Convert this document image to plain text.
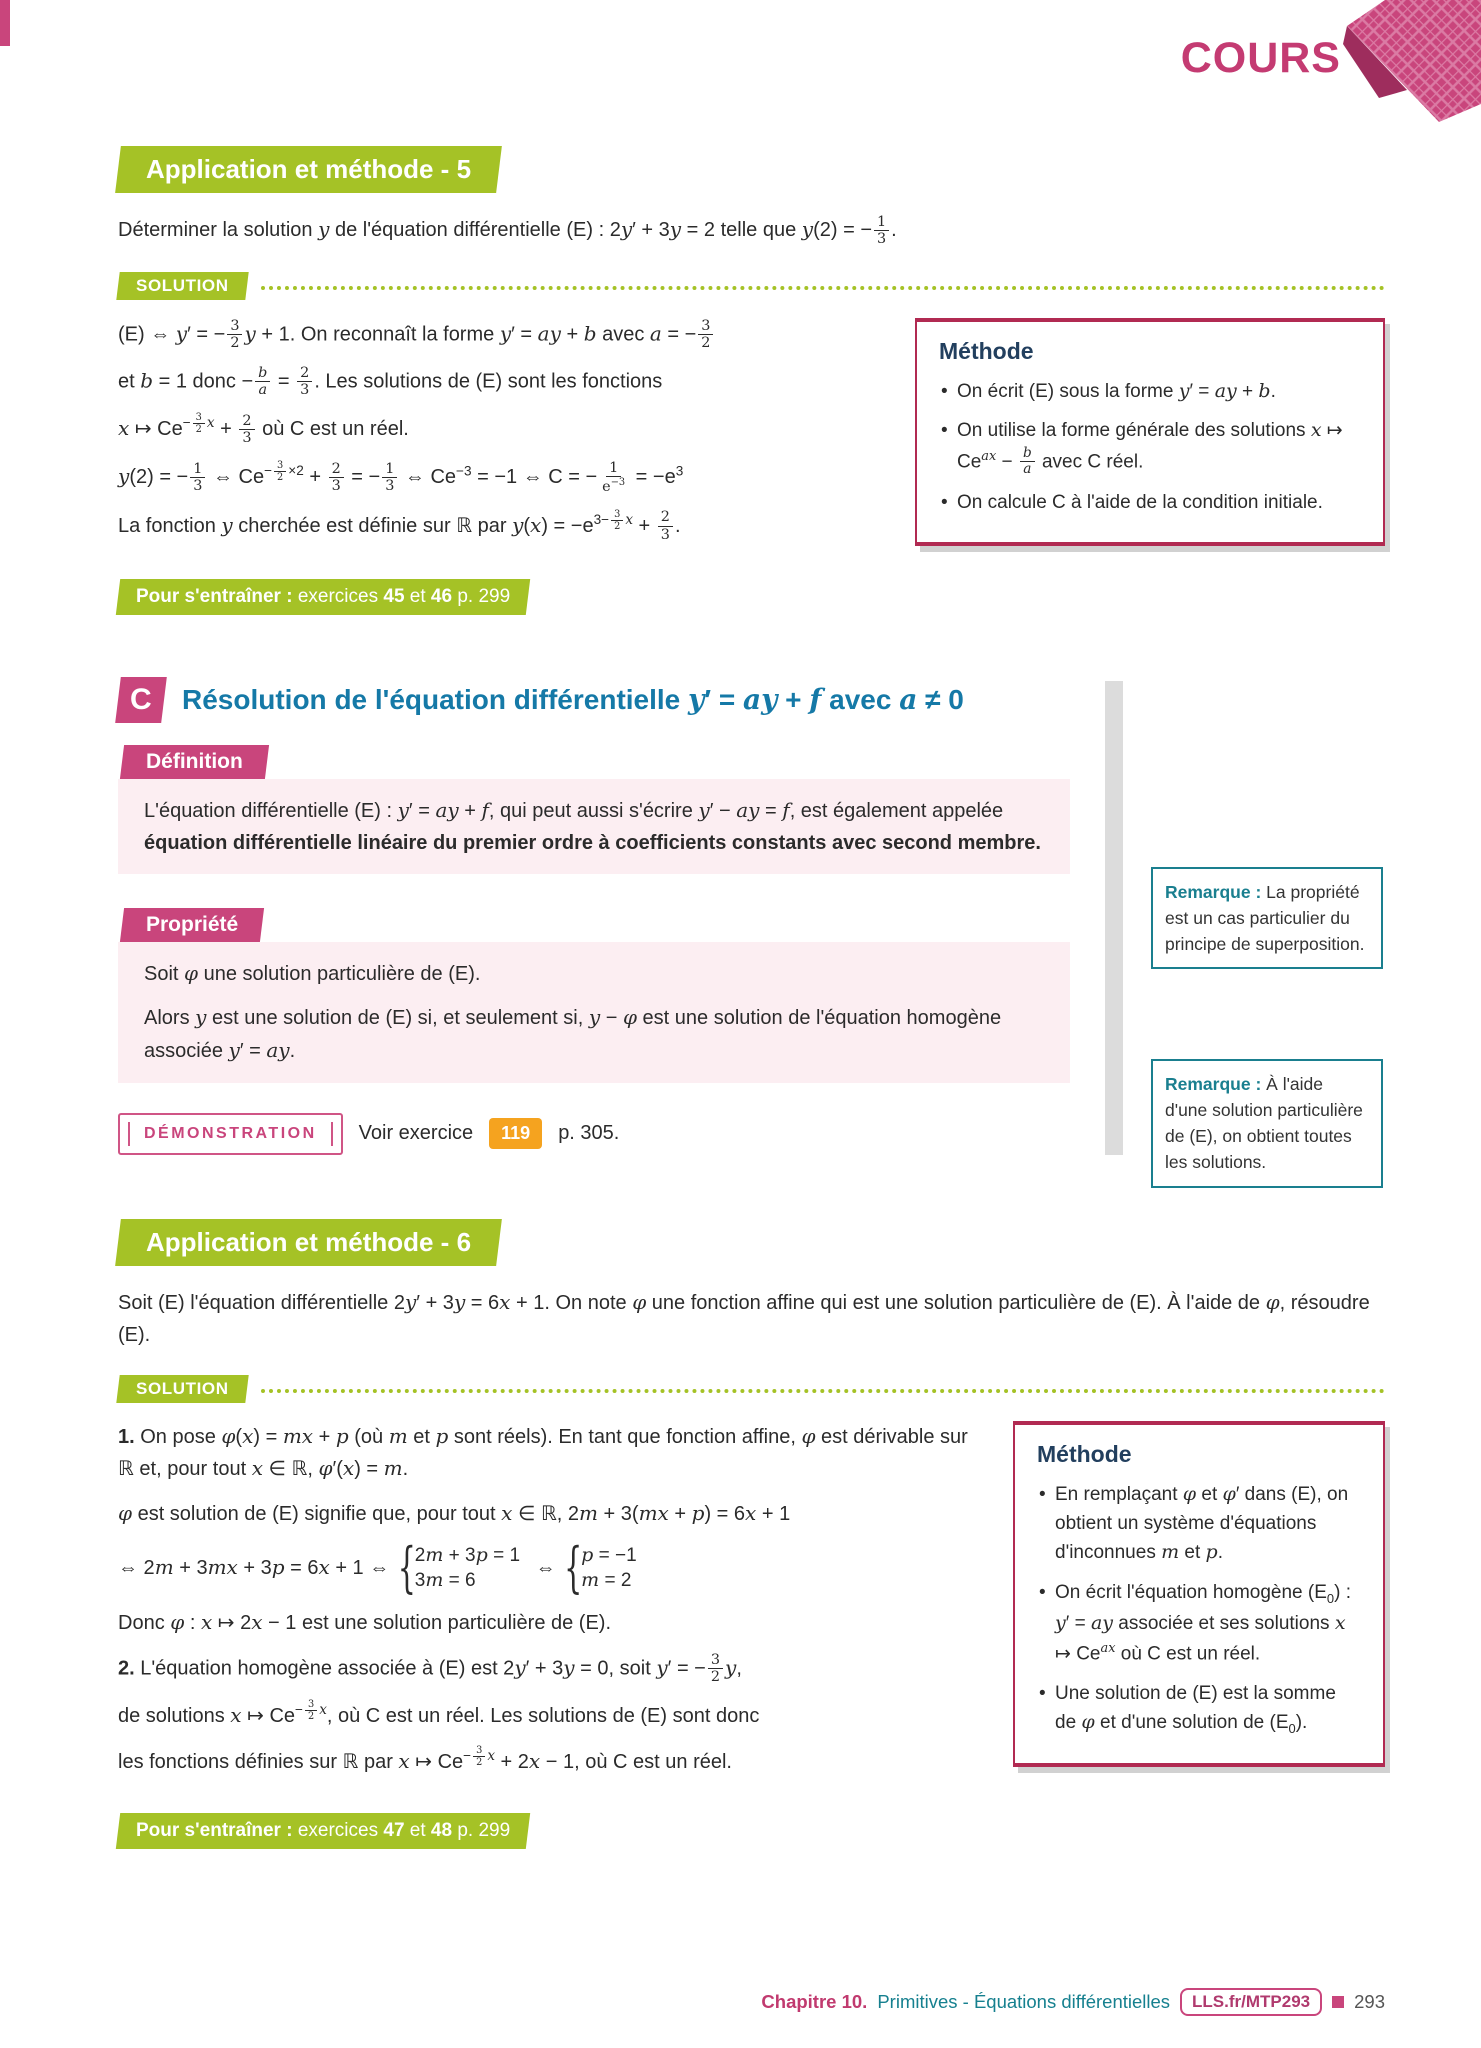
COURS
Application et méthode - 5

Déterminer la solution y de l'équation différentielle (E) : 2y′ + 3y = 2 telle que y(2) = − $\frac{1}{3}$ .

SOLUTION

(E) ⇔ y′ = − $\frac{3}{2}$ y + 1. On reconnaît la forme y′ = ay + b avec a = − $\frac{3}{2}$

et b = 1 donc − $\frac{b}{a} = \frac{2}{3}$ . Les solutions de (E) sont les fonctions

x ↦ $Ce^{- \frac{3}{2} x} + \frac{2}{3}$ où C est un réel.

y(2) = − $\frac{1}{3}$ ⇔ $Ce^{- \frac{3}{2} \times 2} + \frac{2}{3}$ = − $\frac{1}{3}$ ⇔ $Ce^{-3} = -1$ ⇔ C = − $\frac{1}{e^{-3}} = -e^3$

La fonction y cherchée est définie sur ℝ par $y(x) = -e^{3- \frac{3}{2} x} + \frac{2}{3}$ .

Méthode
• On écrit (E) sous la forme y′ = ay + b.
• On utilise la forme générale des solutions x ↦ $Ce^{ax} - \frac{b}{a}$ avec C réel.
• On calcule C à l'aide de la condition initiale.
Pour s'entraîner : exercices 45 et 46 p. 299
C Résolution de l'équation différentielle y′ = ay + f avec a ≠ 0
Définition

L'équation différentielle (E) : y′ = ay + f, qui peut aussi s'écrire y′ − ay = f, est également appelée équation différentielle linéaire du premier ordre à coefficients constants avec second membre.

Propriété

Soit φ une solution particulière de (E).

Alors y est une solution de (E) si, et seulement si, y − φ est une solution de l'équation homogène associée y′ = ay.

DÉMONSTRATION	Voir exercice	119	p. 305.
Remarque : La propriété est un cas particulier du principe de superposition.
Remarque : À l'aide d'une solution particulière de (E), on obtient toutes les solutions.
Application et méthode - 6

Soit (E) l'équation différentielle 2y′ + 3y = 6x + 1. On note φ une fonction affine qui est une solution particulière de (E). À l'aide de φ, résoudre (E).

SOLUTION

1. On pose φ(x) = mx + p (où m et p sont réels). En tant que fonction affine, φ est dérivable sur ℝ et, pour tout x ∈ ℝ, φ′(x) = m.

φ est solution de (E) signifie que, pour tout x ∈ ℝ, 2m + 3(mx + p) = 6x + 1

⇔ 2m + 3mx + 3p = 6x + 1 ⇔
{ 2m + 3p = 1
3m = 6
⇔
{ p = −1
m = 2

Donc φ : x ↦ 2x − 1 est une solution particulière de (E).

2. L'équation homogène associée à (E) est 2y′ + 3y = 0, soit y′ = − $\frac{3}{2} y$,

de solutions x ↦ $Ce^{- \frac{3}{2} x}$, où C est un réel. Les solutions de (E) sont donc

les fonctions définies sur ℝ par x ↦ $Ce^{- \frac{3}{2} x} + 2x - 1$, où C est un réel.

Méthode
• En remplaçant φ et φ′ dans (E), on obtient un système d'équations d'inconnues m et p.
• On écrit l'équation homogène $(E_0)$ : y′ = ay associée et ses solutions x ↦ $Ce^{ax}$ où C est un réel.
• Une solution de (E) est la somme de φ et d'une solution de $(E_0)$.
Pour s'entraîner : exercices 47 et 48 p. 299
Chapitre 10. Primitives - Équations différentielles	LLS.fr/MTP293	293
